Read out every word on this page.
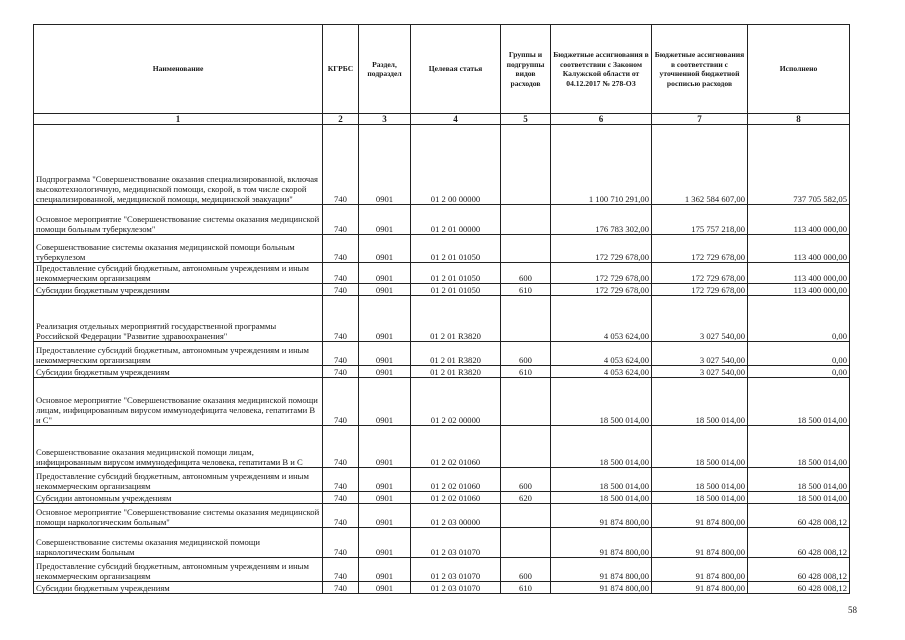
Наименование	КГРБС	Раздел, подраздел	Целевая статья	Группы и подгруппы видов расходов	Бюджетные ассигнования в соответствии с Законом Калужской области от 04.12.2017 № 278-ОЗ	Бюджетные ассигнования в соответствии с уточненной бюджетной росписью расходов	Исполнено
1	2	3	4	5	6	7	8
Подпрограмма "Совершенствование оказания специализированной, включая высокотехнологичную, медицинской помощи, скорой, в том числе скорой специализированной, медицинской помощи, медицинской эвакуации"	740	0901	01 2 00 00000		1 100 710 291,00	1 362 584 607,00	737 705 582,05
Основное мероприятие "Совершенствование системы оказания медицинской помощи больным туберкулезом"	740	0901	01 2 01 00000		176 783 302,00	175 757 218,00	113 400 000,00
Совершенствование системы оказания медицинской помощи больным туберкулезом	740	0901	01 2 01 01050		172 729 678,00	172 729 678,00	113 400 000,00
Предоставление субсидий бюджетным, автономным учреждениям и иным некоммерческим организациям	740	0901	01 2 01 01050	600	172 729 678,00	172 729 678,00	113 400 000,00
Субсидии бюджетным учреждениям	740	0901	01 2 01 01050	610	172 729 678,00	172 729 678,00	113 400 000,00
Реализация отдельных мероприятий государственной программы Российской Федерации "Развитие здравоохранения"	740	0901	01 2 01 R3820		4 053 624,00	3 027 540,00	0,00
Предоставление субсидий бюджетным, автономным учреждениям и иным некоммерческим организациям	740	0901	01 2 01 R3820	600	4 053 624,00	3 027 540,00	0,00
Субсидии бюджетным учреждениям	740	0901	01 2 01 R3820	610	4 053 624,00	3 027 540,00	0,00
Основное мероприятие "Совершенствование оказания медицинской помощи лицам, инфицированным вирусом иммунодефицита человека, гепатитами B и C"	740	0901	01 2 02 00000		18 500 014,00	18 500 014,00	18 500 014,00
Совершенствование оказания медицинской помощи лицам, инфицированным вирусом иммунодефицита человека, гепатитами B и C	740	0901	01 2 02 01060		18 500 014,00	18 500 014,00	18 500 014,00
Предоставление субсидий бюджетным, автономным учреждениям и иным некоммерческим организациям	740	0901	01 2 02 01060	600	18 500 014,00	18 500 014,00	18 500 014,00
Субсидии автономным учреждениям	740	0901	01 2 02 01060	620	18 500 014,00	18 500 014,00	18 500 014,00
Основное мероприятие "Совершенствование системы оказания медицинской помощи наркологическим больным"	740	0901	01 2 03 00000		91 874 800,00	91 874 800,00	60 428 008,12
Совершенствование системы оказания медицинской помощи наркологическим больным	740	0901	01 2 03 01070		91 874 800,00	91 874 800,00	60 428 008,12
Предоставление субсидий бюджетным, автономным учреждениям и иным некоммерческим организациям	740	0901	01 2 03 01070	600	91 874 800,00	91 874 800,00	60 428 008,12
Субсидии бюджетным учреждениям	740	0901	01 2 03 01070	610	91 874 800,00	91 874 800,00	60 428 008,12
58
